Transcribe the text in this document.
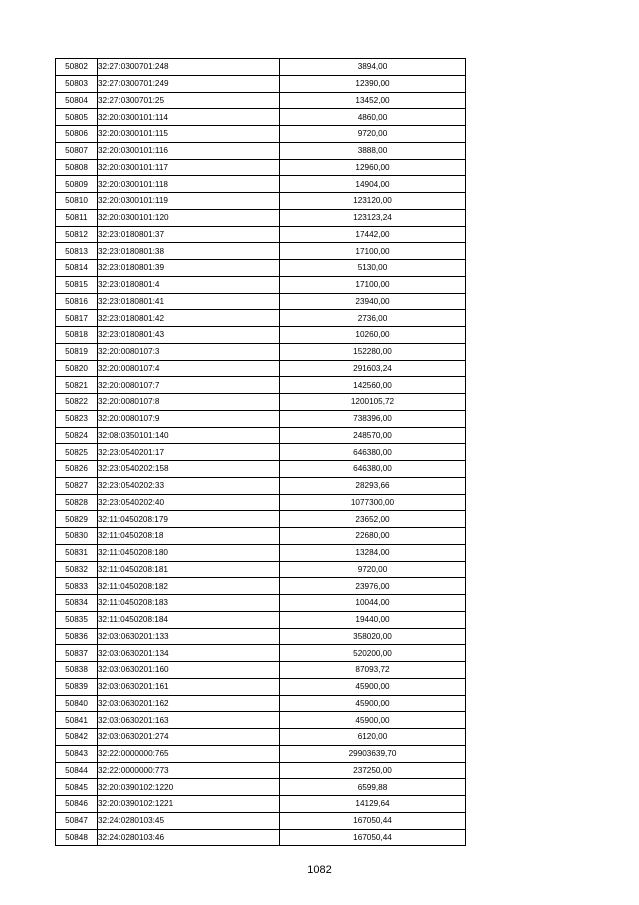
50802	32:27:0300701:248	3894,00
50803	32:27:0300701:249	12390,00
50804	32:27:0300701:25	13452,00
50805	32:20:0300101:114	4860,00
50806	32:20:0300101:115	9720,00
50807	32:20:0300101:116	3888,00
50808	32:20:0300101:117	12960,00
50809	32:20:0300101:118	14904,00
50810	32:20:0300101:119	123120,00
50811	32:20:0300101:120	123123,24
50812	32:23:0180801:37	17442,00
50813	32:23:0180801:38	17100,00
50814	32:23:0180801:39	5130,00
50815	32:23:0180801:4	17100,00
50816	32:23:0180801:41	23940,00
50817	32:23:0180801:42	2736,00
50818	32:23:0180801:43	10260,00
50819	32:20:0080107:3	152280,00
50820	32:20:0080107:4	291603,24
50821	32:20:0080107:7	142560,00
50822	32:20:0080107:8	1200105,72
50823	32:20:0080107:9	738396,00
50824	32:08:0350101:140	248570,00
50825	32:23:0540201:17	646380,00
50826	32:23:0540202:158	646380,00
50827	32:23:0540202:33	28293,66
50828	32:23:0540202:40	1077300,00
50829	32:11:0450208:179	23652,00
50830	32:11:0450208:18	22680,00
50831	32:11:0450208:180	13284,00
50832	32:11:0450208:181	9720,00
50833	32:11:0450208:182	23976,00
50834	32:11:0450208:183	10044,00
50835	32:11:0450208:184	19440,00
50836	32:03:0630201:133	358020,00
50837	32:03:0630201:134	520200,00
50838	32:03:0630201:160	87093,72
50839	32:03:0630201:161	45900,00
50840	32:03:0630201:162	45900,00
50841	32:03:0630201:163	45900,00
50842	32:03:0630201:274	6120,00
50843	32:22:0000000:765	29903639,70
50844	32:22:0000000:773	237250,00
50845	32:20:0390102:1220	6599,88
50846	32:20:0390102:1221	14129,64
50847	32:24:0280103:45	167050,44
50848	32:24:0280103:46	167050,44
1082
